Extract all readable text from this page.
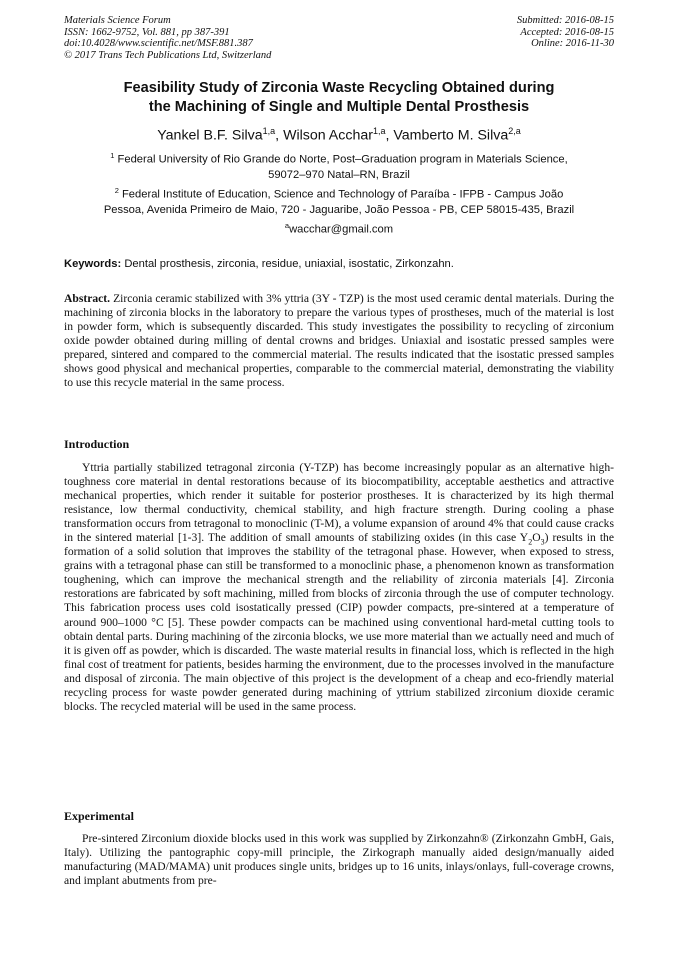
Materials Science Forum
ISSN: 1662-9752, Vol. 881, pp 387-391
doi:10.4028/www.scientific.net/MSF.881.387
© 2017 Trans Tech Publications Ltd, Switzerland
Submitted: 2016-08-15
Accepted: 2016-08-15
Online: 2016-11-30
Feasibility Study of Zirconia Waste Recycling Obtained during
the Machining of Single and Multiple Dental Prosthesis
Yankel B.F. Silva$^{1,a}$, Wilson Acchar$^{1,a}$, Vamberto M. Silva$^{2,a}$
$^1$ Federal University of Rio Grande do Norte, Post–Graduation program in Materials Science,
59072–970 Natal–RN, Brazil
$^2$ Federal Institute of Education, Science and Technology of Paraíba - IFPB - Campus João
Pessoa, Avenida Primeiro de Maio, 720 - Jaguaribe, João Pessoa - PB, CEP 58015-435, Brazil
$^a$wacchar@gmail.com
Keywords: Dental prosthesis, zirconia, residue, uniaxial, isostatic, Zirkonzahn.
Abstract. Zirconia ceramic stabilized with 3% yttria (3Y - TZP) is the most used ceramic dental materials. During the machining of zirconia blocks in the laboratory to prepare the various types of prostheses, much of the material is lost in powder form, which is subsequently discarded. This study investigates the possibility to recycling of zirconium oxide powder obtained during milling of dental crowns and bridges. Uniaxial and isostatic pressed samples were prepared, sintered and compared to the commercial material. The results indicated that the isostatic pressed samples shows good physical and mechanical properties, comparable to the commercial material, demonstrating the viability to use this recycle material in the same process.
Introduction
Yttria partially stabilized tetragonal zirconia (Y-TZP) has become increasingly popular as an alternative high-toughness core material in dental restorations because of its biocompatibility, acceptable aesthetics and attractive mechanical properties, which render it suitable for posterior prostheses. It is characterized by its high thermal resistance, low thermal conductivity, chemical stability, and high fracture strength. During cooling a phase transformation occurs from tetragonal to monoclinic (T-M), a volume expansion of around 4% that could cause cracks in the sintered material [1-3]. The addition of small amounts of stabilizing oxides (in this case $Y_2O_3$) results in the formation of a solid solution that improves the stability of the tetragonal phase. However, when exposed to stress, grains with a tetragonal phase can still be transformed to a monoclinic phase, a phenomenon known as transformation toughening, which can improve the mechanical strength and the reliability of zirconia materials [4]. Zirconia restorations are fabricated by soft machining, milled from blocks of zirconia through the use of computer technology. This fabrication process uses cold isostatically pressed (CIP) powder compacts, pre-sintered at a temperature of around 900–1000 °C [5]. These powder compacts can be machined using conventional hard-metal cutting tools to obtain dental parts. During machining of the zirconia blocks, we use more material than we actually need and much of it is given off as powder, which is discarded. The waste material results in financial loss, which is reflected in the high final cost of treatment for patients, besides harming the environment, due to the processes involved in the manufacture and disposal of zirconia. The main objective of this project is the development of a cheap and eco-friendly material recycling process for waste powder generated during machining of yttrium stabilized zirconium dioxide ceramic blocks. The recycled material will be used in the same process.
Experimental
Pre-sintered Zirconium dioxide blocks used in this work was supplied by Zirkonzahn® (Zirkonzahn GmbH, Gais, Italy). Utilizing the pantographic copy-mill principle, the Zirkograph manually aided design/manually aided manufacturing (MAD/MAMA) unit produces single units, bridges up to 16 units, inlays/onlays, full-coverage crowns, and implant abutments from pre-
